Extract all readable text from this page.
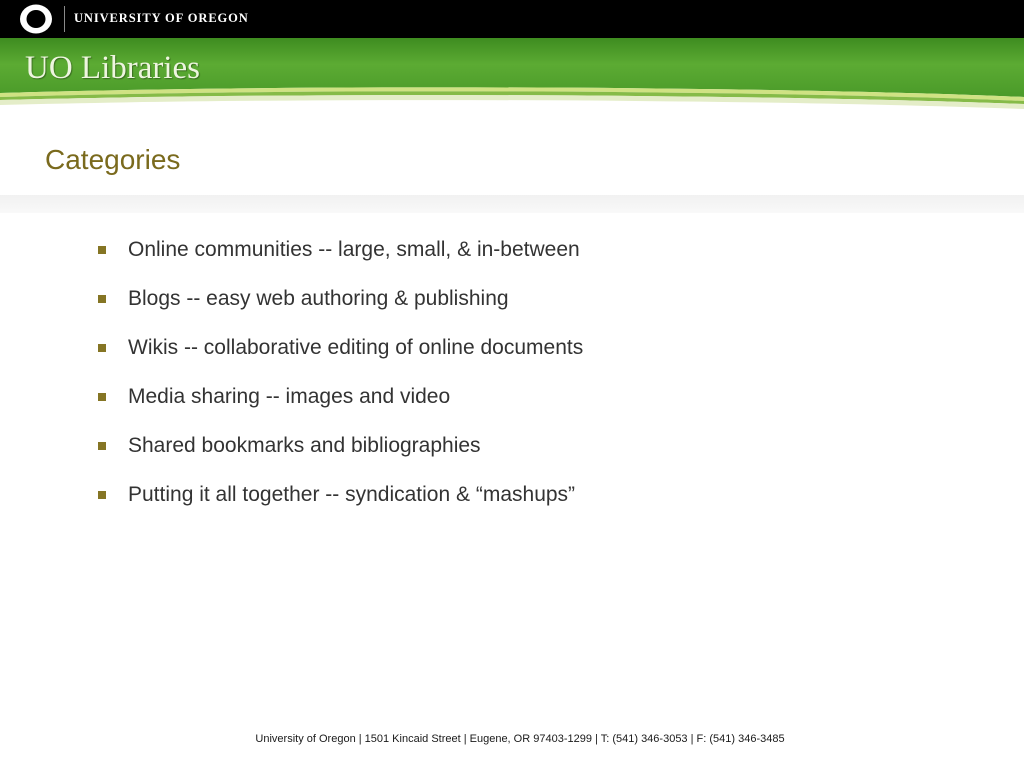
UNIVERSITY OF OREGON
UO Libraries
Categories
Online communities -- large, small, & in-between
Blogs -- easy web authoring & publishing
Wikis -- collaborative editing of online documents
Media sharing -- images and video
Shared bookmarks and bibliographies
Putting it all together -- syndication & “mashups”
University of Oregon | 1501 Kincaid Street | Eugene, OR 97403-1299 | T: (541) 346-3053 | F: (541) 346-3485
